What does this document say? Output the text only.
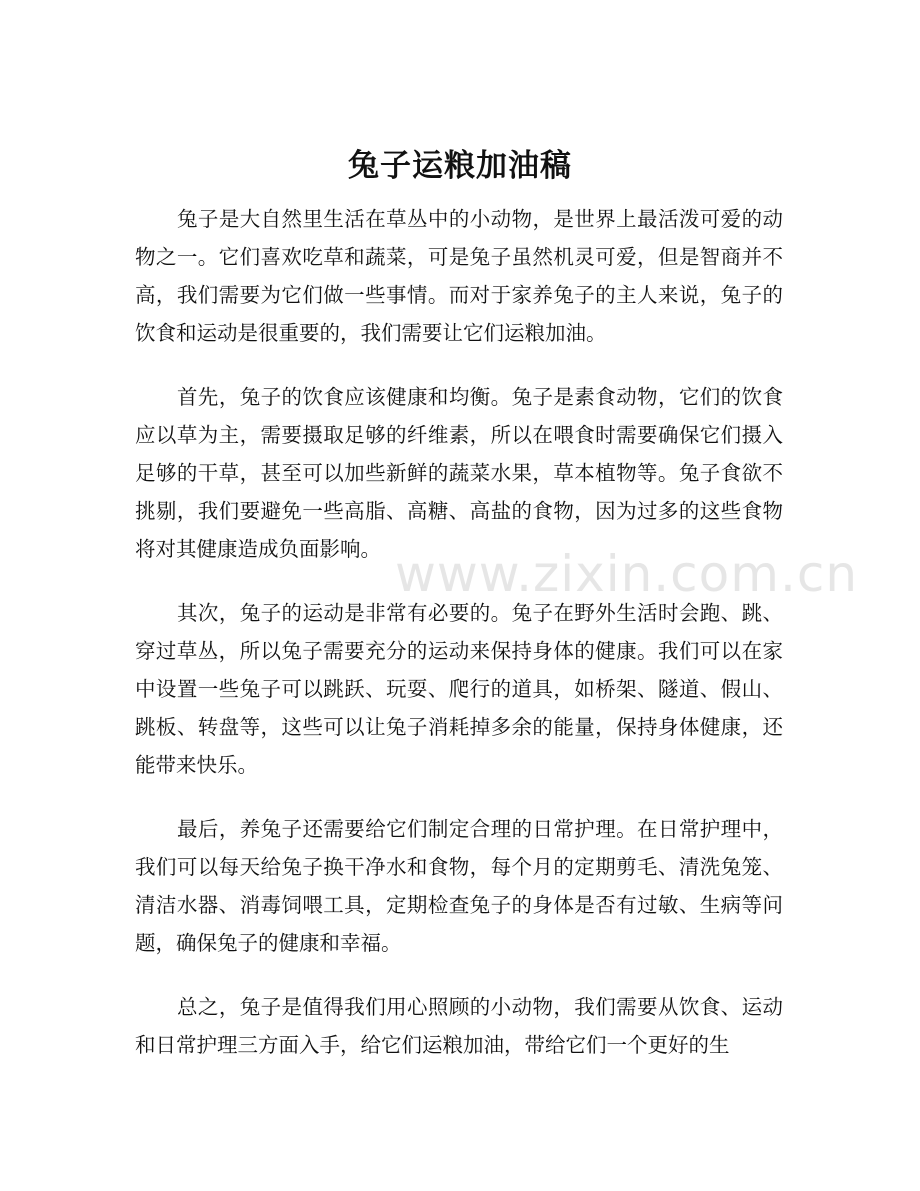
兔子运粮加油稿

兔子是大自然里生活在草丛中的小动物，是世界上最活泼可爱的动物之一。它们喜欢吃草和蔬菜，可是兔子虽然机灵可爱，但是智商并不高，我们需要为它们做一些事情。而对于家养兔子的主人来说，兔子的饮食和运动是很重要的，我们需要让它们运粮加油。

首先，兔子的饮食应该健康和均衡。兔子是素食动物，它们的饮食应以草为主，需要摄取足够的纤维素，所以在喂食时需要确保它们摄入足够的干草，甚至可以加些新鲜的蔬菜水果，草本植物等。兔子食欲不挑剔，我们要避免一些高脂、高糖、高盐的食物，因为过多的这些食物将对其健康造成负面影响。

其次，兔子的运动是非常有必要的。兔子在野外生活时会跑、跳、穿过草丛，所以兔子需要充分的运动来保持身体的健康。我们可以在家中设置一些兔子可以跳跃、玩耍、爬行的道具，如桥架、隧道、假山、跳板、转盘等，这些可以让兔子消耗掉多余的能量，保持身体健康，还能带来快乐。

最后，养兔子还需要给它们制定合理的日常护理。在日常护理中，我们可以每天给兔子换干净水和食物，每个月的定期剪毛、清洗兔笼、清洁水器、消毒饲喂工具，定期检查兔子的身体是否有过敏、生病等问题，确保兔子的健康和幸福。

总之，兔子是值得我们用心照顾的小动物，我们需要从饮食、运动和日常护理三方面入手，给它们运粮加油，带给它们一个更好的生

www.zixin.com.cn
